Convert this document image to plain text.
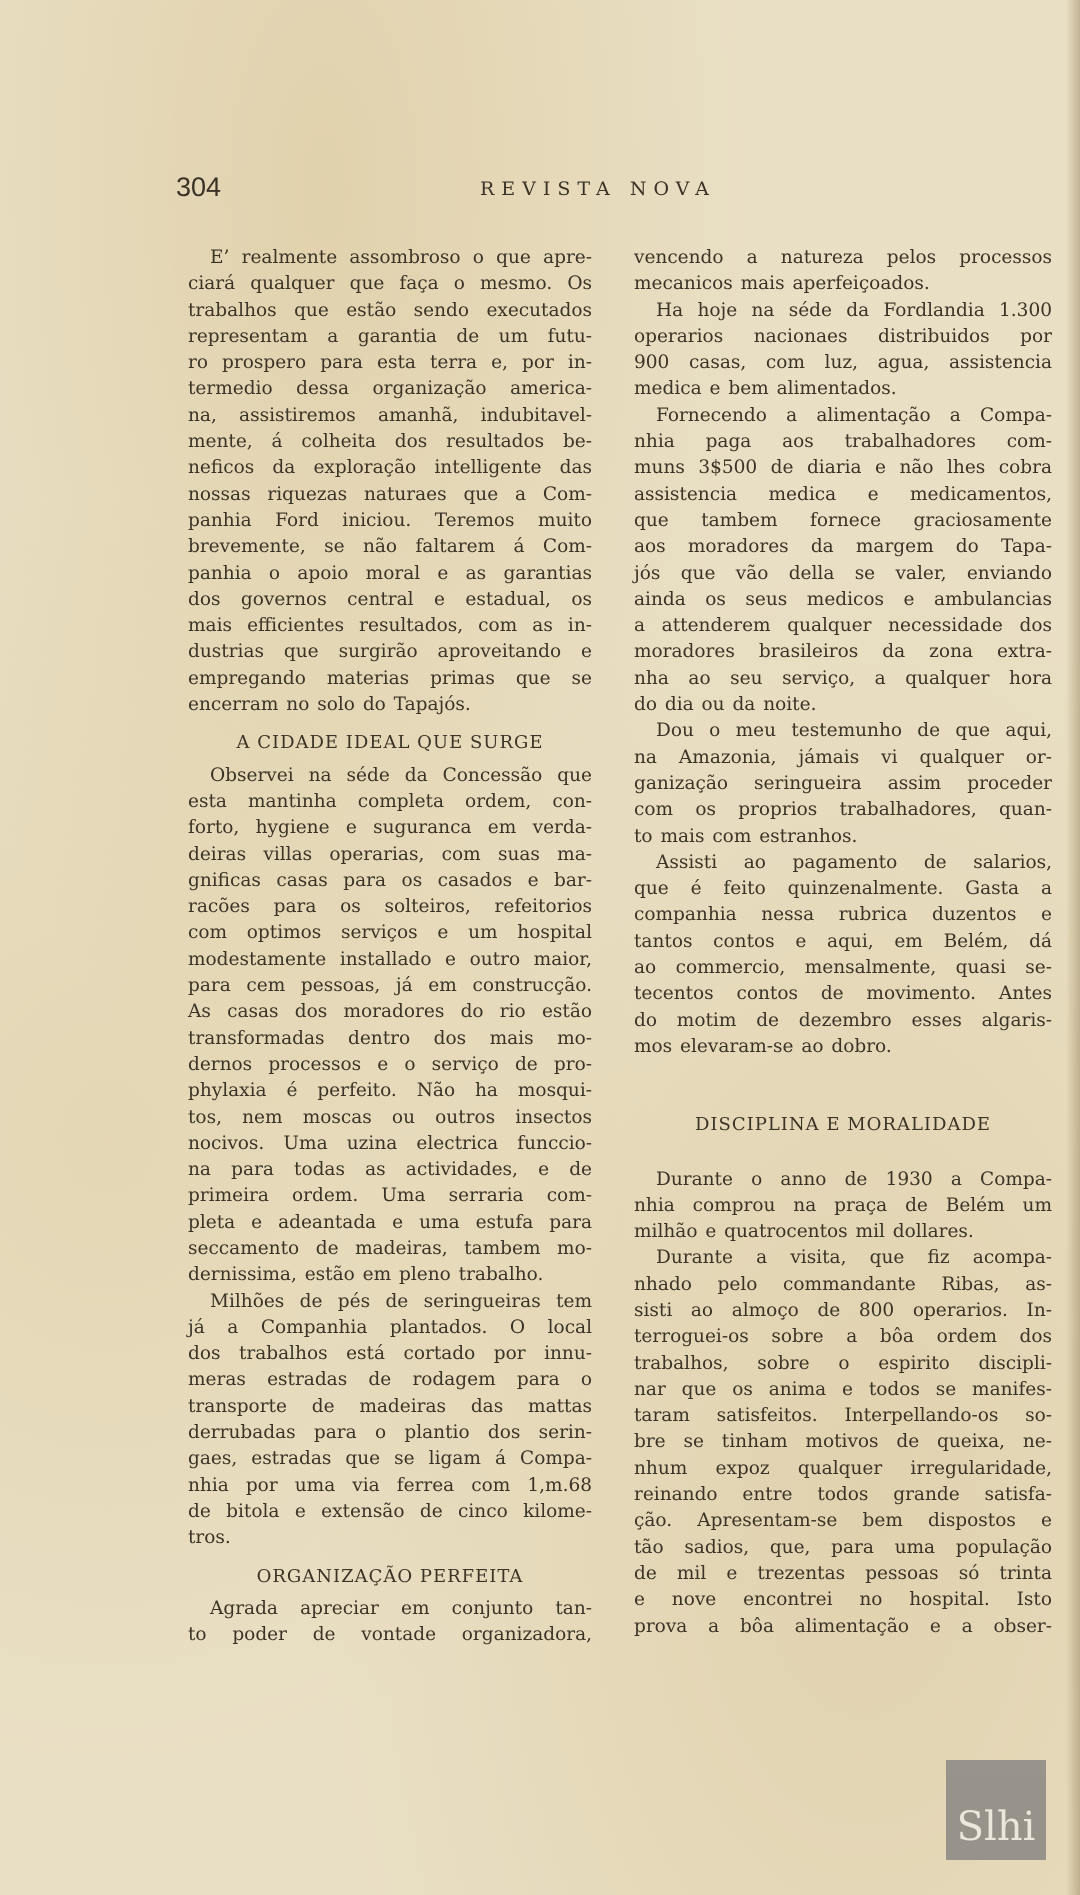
304	REVISTA NOVA
E’ realmente assombroso o que apre-
ciará qualquer que faça o mesmo. Os
trabalhos que estão sendo executados
representam a garantia de um futu-
ro prospero para esta terra e, por in-
termedio dessa organização america-
na, assistiremos amanhã, indubitavel-
mente, á colheita dos resultados be-
neficos da exploração intelligente das
nossas riquezas naturaes que a Com-
panhia Ford iniciou. Teremos muito
brevemente, se não faltarem á Com-
panhia o apoio moral e as garantias
dos governos central e estadual, os
mais efficientes resultados, com as in-
dustrias que surgirão aproveitando e
empregando materias primas que se
encerram no solo do Tapajós.
A CIDADE IDEAL QUE SURGE
Observei na séde da Concessão que
esta mantinha completa ordem, con-
forto, hygiene e suguranca em verda-
deiras villas operarias, com suas ma-
gnificas casas para os casados e bar-
racões para os solteiros, refeitorios
com optimos serviços e um hospital
modestamente installado e outro maior,
para cem pessoas, já em construcção.
As casas dos moradores do rio estão
transformadas dentro dos mais mo-
dernos processos e o serviço de pro-
phylaxia é perfeito. Não ha mosqui-
tos, nem moscas ou outros insectos
nocivos. Uma uzina electrica funccio-
na para todas as actividades, e de
primeira ordem. Uma serraria com-
pleta e adeantada e uma estufa para
seccamento de madeiras, tambem mo-
dernissima, estão em pleno trabalho.
Milhões de pés de seringueiras tem
já a Companhia plantados. O local
dos trabalhos está cortado por innu-
meras estradas de rodagem para o
transporte de madeiras das mattas
derrubadas para o plantio dos serin-
gaes, estradas que se ligam á Compa-
nhia por uma via ferrea com 1,m.68
de bitola e extensão de cinco kilome-
tros.
ORGANIZAÇÃO PERFEITA
Agrada apreciar em conjunto tan-
to poder de vontade organizadora,
vencendo a natureza pelos processos
mecanicos mais aperfeiçoados.
Ha hoje na séde da Fordlandia 1.300
operarios nacionaes distribuidos por
900 casas, com luz, agua, assistencia
medica e bem alimentados.
Fornecendo a alimentação a Compa-
nhia paga aos trabalhadores com-
muns 3$500 de diaria e não lhes cobra
assistencia medica e medicamentos,
que tambem fornece graciosamente
aos moradores da margem do Tapa-
jós que vão della se valer, enviando
ainda os seus medicos e ambulancias
a attenderem qualquer necessidade dos
moradores brasileiros da zona extra-
nha ao seu serviço, a qualquer hora
do dia ou da noite.
Dou o meu testemunho de que aqui,
na Amazonia, jámais vi qualquer or-
ganização seringueira assim proceder
com os proprios trabalhadores, quan-
to mais com estranhos.
Assisti ao pagamento de salarios,
que é feito quinzenalmente. Gasta a
companhia nessa rubrica duzentos e
tantos contos e aqui, em Belém, dá
ao commercio, mensalmente, quasi se-
tecentos contos de movimento. Antes
do motim de dezembro esses algaris-
mos elevaram-se ao dobro.
DISCIPLINA E MORALIDADE
Durante o anno de 1930 a Compa-
nhia comprou na praça de Belém um
milhão e quatrocentos mil dollares.
Durante a visita, que fiz acompa-
nhado pelo commandante Ribas, as-
sisti ao almoço de 800 operarios. In-
terroguei-os sobre a bôa ordem dos
trabalhos, sobre o espirito discipli-
nar que os anima e todos se manifes-
taram satisfeitos. Interpellando-os so-
bre se tinham motivos de queixa, ne-
nhum expoz qualquer irregularidade,
reinando entre todos grande satisfa-
ção. Apresentam-se bem dispostos e
tão sadios, que, para uma população
de mil e trezentas pessoas só trinta
e nove encontrei no hospital. Isto
prova a bôa alimentação e a obser-
Slhi
